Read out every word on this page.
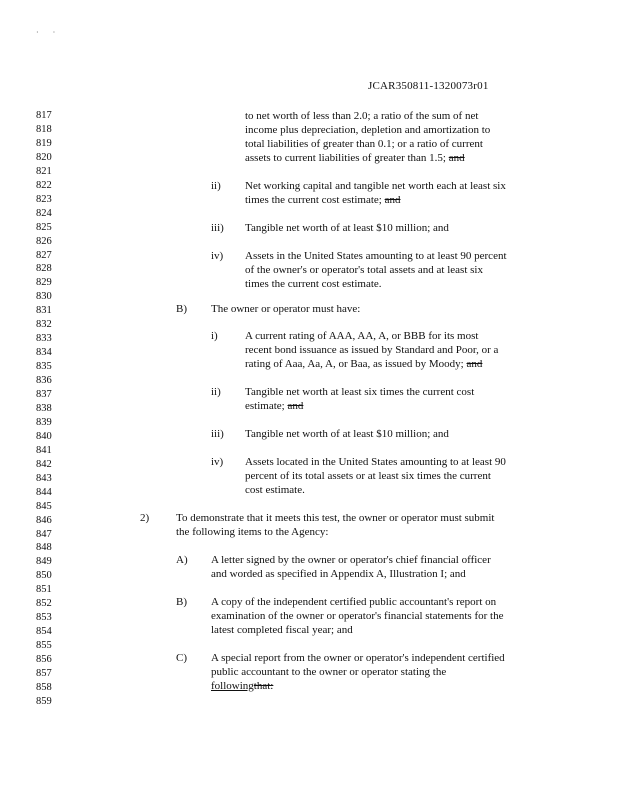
· ·
JCAR350811-1320073r01
817
818
819
820
821
822
823
824
825
826
827
828
829
830
831
832
833
834
835
836
837
838
839
840
841
842
843
844
845
846
847
848
849
850
851
852
853
854
855
856
857
858
859
to net worth of less than 2.0; a ratio of the sum of net
income plus depreciation, depletion and amortization to
total liabilities of greater than 0.1; or a ratio of current
assets to current liabilities of greater than 1.5; and
ii) Net working capital and tangible net worth each at least six
times the current cost estimate; and
iii) Tangible net worth of at least $10 million; and
iv) Assets in the United States amounting to at least 90 percent
of the owner's or operator's total assets and at least six
times the current cost estimate.
B) The owner or operator must have:
i) A current rating of AAA, AA, A, or BBB for its most
recent bond issuance as issued by Standard and Poor, or a
rating of Aaa, Aa, A, or Baa, as issued by Moody; and
ii) Tangible net worth at least six times the current cost
estimate; and
iii) Tangible net worth of at least $10 million; and
iv) Assets located in the United States amounting to at least 90
percent of its total assets or at least six times the current
cost estimate.
2) To demonstrate that it meets this test, the owner or operator must submit
the following items to the Agency:
A) A letter signed by the owner or operator's chief financial officer
and worded as specified in Appendix A, Illustration I; and
B) A copy of the independent certified public accountant's report on
examination of the owner or operator's financial statements for the
latest completed fiscal year; and
C) A special report from the owner or operator's independent certified
public accountant to the owner or operator stating the
followingthat:
